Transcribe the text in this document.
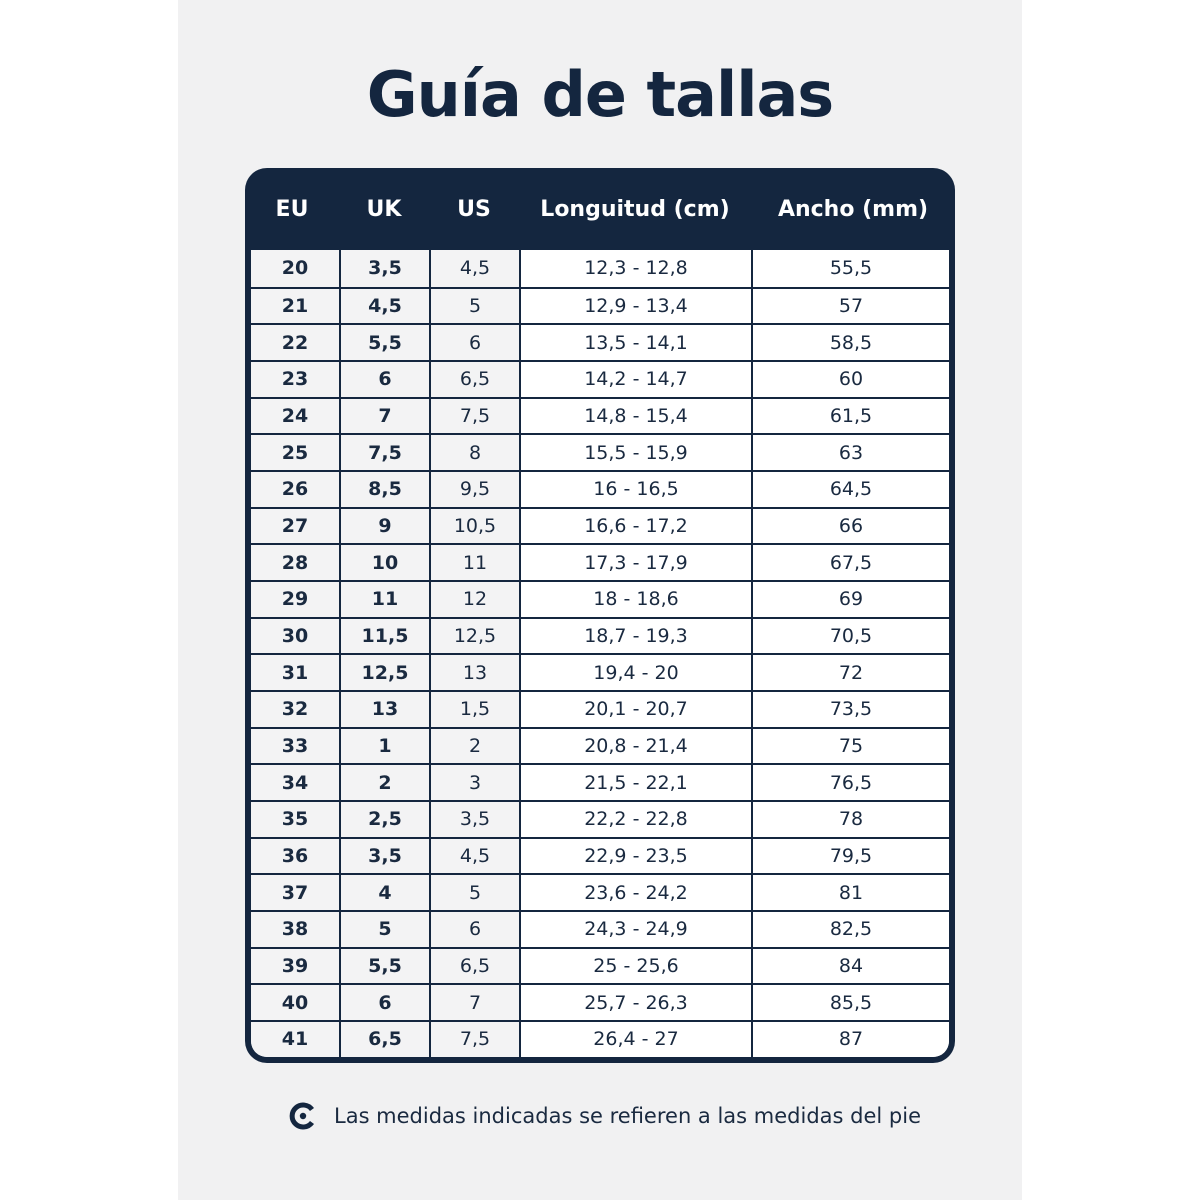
Guía de tallas
EU	UK	US	Longuitud (cm)	Ancho (mm)
20	3,5	4,5	12,3 - 12,8	55,5
21	4,5	5	12,9 - 13,4	57
22	5,5	6	13,5 - 14,1	58,5
23	6	6,5	14,2 - 14,7	60
24	7	7,5	14,8 - 15,4	61,5
25	7,5	8	15,5 - 15,9	63
26	8,5	9,5	16 - 16,5	64,5
27	9	10,5	16,6 - 17,2	66
28	10	11	17,3 - 17,9	67,5
29	11	12	18 - 18,6	69
30	11,5	12,5	18,7 - 19,3	70,5
31	12,5	13	19,4 - 20	72
32	13	1,5	20,1 - 20,7	73,5
33	1	2	20,8 - 21,4	75
34	2	3	21,5 - 22,1	76,5
35	2,5	3,5	22,2 - 22,8	78
36	3,5	4,5	22,9 - 23,5	79,5
37	4	5	23,6 - 24,2	81
38	5	6	24,3 - 24,9	82,5
39	5,5	6,5	25 - 25,6	84
40	6	7	25,7 - 26,3	85,5
41	6,5	7,5	26,4 - 27	87
Las medidas indicadas se refieren a las medidas del pie
